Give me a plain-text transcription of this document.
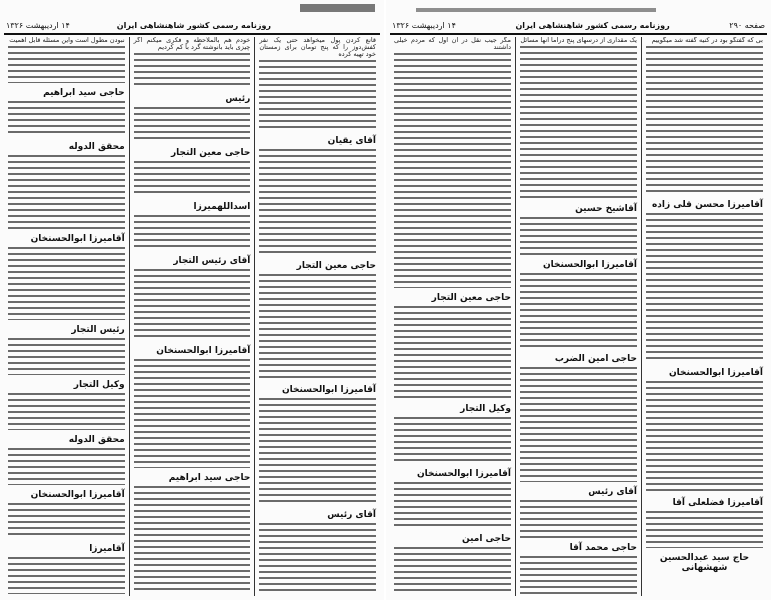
روزنامه رسمی کشور شاهنشاهی ایران
۱۴ اردیبهشت ۱۳۲۶
قانع کردن پول میخواهد حتی یک نفر کفش‌دوز را که پنج تومان برای زمستان خود تهیه کرده
آقای یقیان
حاجی معین التجار
آقامیرزا ابوالحسنخان
آقای رئیس
خودم هم بالملاحظه و فکری میکنم اگر چیزی باید بانوشته گرد با کم کردیم
رئیس
حاجی معین التجار
اسداللهمیرزا
آقای رئیس التجار
آقامیرزا ابوالحسنخان
حاجی سید ابراهیم
نبودن مطول است واین مسئله قابل اهمیت
حاجی سید ابراهیم
محقق الدوله
آقامیرزا ابوالحسنخان
رئیس التجار
وکیل التجار
محقق الدوله
آقامیرزا ابوالحسنخان
آقامیرزا
صفحه ۲۹۰
روزنامه رسمی کشور شاهنشاهی ایران
۱۴ اردیبهشت ۱۳۲۶
بی که گفتگو بود در کنیه گفته شد میگوییم
آقامیرزا محسن قلی زاده
آقامیرزا ابوالحسنخان
آقامیرزا فضلعلی آقا
حاج سید عبدالحسین شهشهانی
یک مقداری از درسهای پنج دراما آنها مسائل
آقاشیخ حسین
آقامیرزا ابوالحسنخان
حاجی امین الضرب
آقای رئیس
حاجی محمد آقا
مگر جیب نقل در آن اول که مردم خیلی داشتند
حاجی معین التجار
وکیل التجار
آقامیرزا ابوالحسنخان
حاجی امین
